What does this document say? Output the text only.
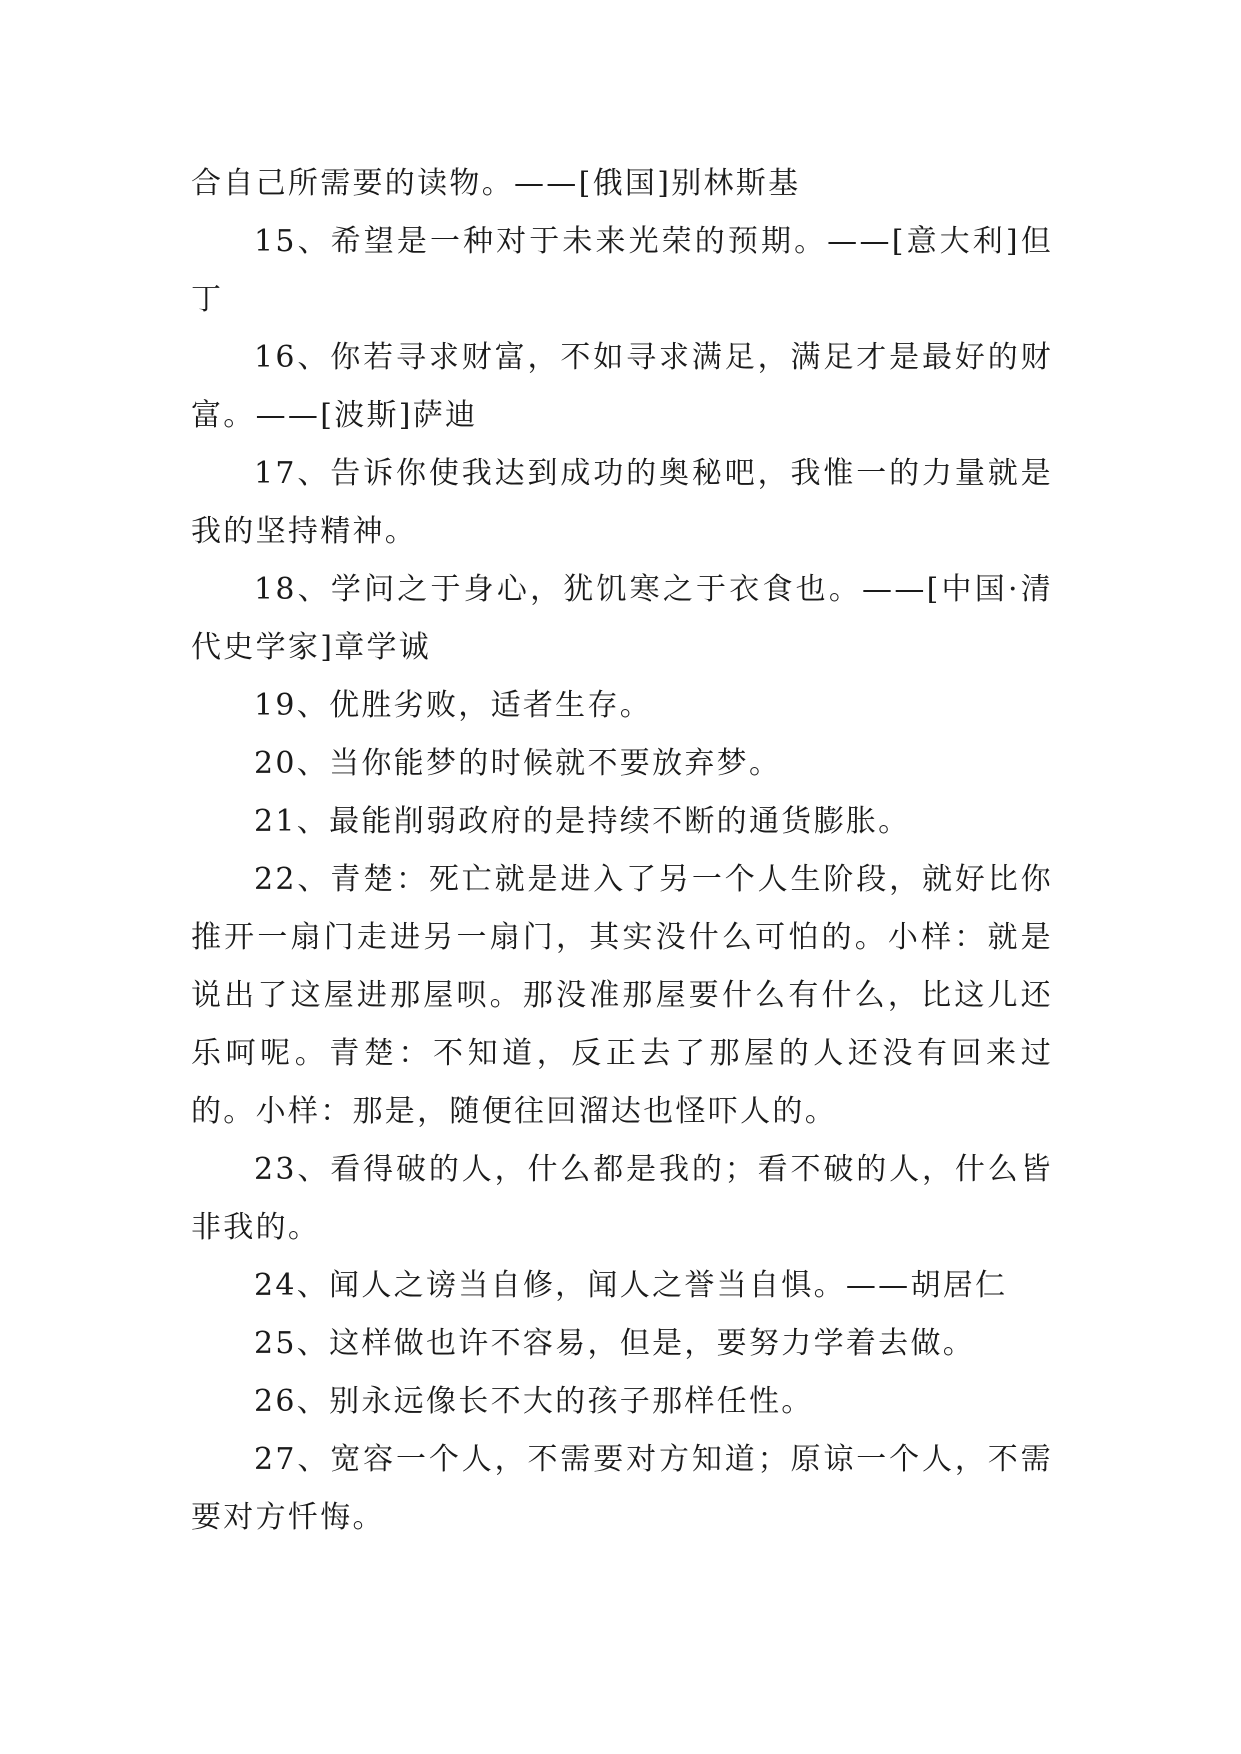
合自己所需要的读物。——[俄国]别林斯基

15、希望是一种对于未来光荣的预期。——[意大利]但丁

16、你若寻求财富，不如寻求满足，满足才是最好的财富。——[波斯]萨迪

17、告诉你使我达到成功的奥秘吧，我惟一的力量就是我的坚持精神。

18、学问之于身心，犹饥寒之于衣食也。——[中国·清代史学家]章学诚

19、优胜劣败，适者生存。

20、当你能梦的时候就不要放弃梦。

21、最能削弱政府的是持续不断的通货膨胀。

22、青楚：死亡就是进入了另一个人生阶段，就好比你推开一扇门走进另一扇门，其实没什么可怕的。小样：就是说出了这屋进那屋呗。那没准那屋要什么有什么，比这儿还乐呵呢。青楚：不知道，反正去了那屋的人还没有回来过的。小样：那是，随便往回溜达也怪吓人的。

23、看得破的人，什么都是我的；看不破的人，什么皆非我的。

24、闻人之谤当自修，闻人之誉当自惧。——胡居仁

25、这样做也许不容易，但是，要努力学着去做。

26、别永远像长不大的孩子那样任性。

27、宽容一个人，不需要对方知道；原谅一个人，不需要对方忏悔。
